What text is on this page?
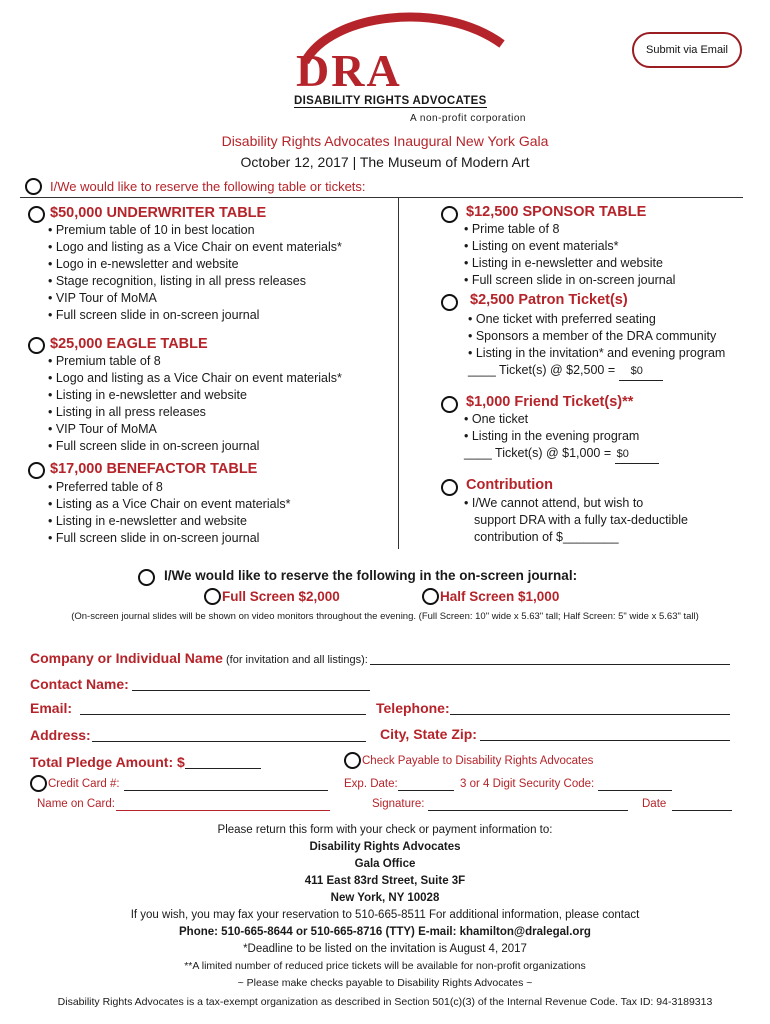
Submit via Email
DRA
DISABILITY RIGHTS ADVOCATES
A non-profit corporation
Disability Rights Advocates Inaugural New York Gala
October 12, 2017 | The Museum of Modern Art
I/We would like to reserve the following table or tickets:
$50,000 UNDERWRITER TABLE
• Premium table of 10 in best location
• Logo and listing as a Vice Chair on event materials*
• Logo in e-newsletter and website
• Stage recognition, listing in all press releases
• VIP Tour of MoMA
• Full screen slide in on-screen journal
$25,000 EAGLE TABLE
• Premium table of 8
• Logo and listing as a Vice Chair on event materials*
• Listing in e-newsletter and website
• Listing in all press releases
• VIP Tour of MoMA
• Full screen slide in on-screen journal
$17,000 BENEFACTOR TABLE
• Preferred table of 8
• Listing as a Vice Chair on event materials*
• Listing in e-newsletter and website
• Full screen slide in on-screen journal
$12,500 SPONSOR TABLE
• Prime table of 8
• Listing on event materials*
• Listing in e-newsletter and website
• Full screen slide in on-screen journal
$2,500 Patron Ticket(s)
• One ticket with preferred seating
• Sponsors a member of the DRA community
• Listing in the invitation* and evening program
____ Ticket(s) @ $2,500 = $0
$1,000 Friend Ticket(s)**
• One ticket
• Listing in the evening program
____ Ticket(s) @ $1,000 = $0
Contribution
• I/We cannot attend, but wish to
support DRA with a fully tax-deductible
contribution of $________
I/We would like to reserve the following in the on-screen journal:
Full Screen $2,000	Half Screen $1,000
(On-screen journal slides will be shown on video monitors throughout the evening. (Full Screen: 10" wide x 5.63" tall; Half Screen: 5" wide x 5.63" tall)
Company or Individual Name (for invitation and all listings):
Contact Name:
Email:	Telephone:
Address:	City, State Zip:
Total Pledge Amount: $	Check Payable to Disability Rights Advocates
Credit Card #:	Exp. Date:	3 or 4 Digit Security Code:
Name on Card:	Signature:	Date
Please return this form with your check or payment information to:
Disability Rights Advocates
Gala Office
411 East 83rd Street, Suite 3F
New York, NY 10028
If you wish, you may fax your reservation to 510-665-8511 For additional information, please contact
Phone: 510-665-8644 or 510-665-8716 (TTY) E-mail: khamilton@dralegal.org
*Deadline to be listed on the invitation is August 4, 2017
**A limited number of reduced price tickets will be available for non-profit organizations
~ Please make checks payable to Disability Rights Advocates ~
Disability Rights Advocates is a tax-exempt organization as described in Section 501(c)(3) of the Internal Revenue Code. Tax ID: 94-3189313
